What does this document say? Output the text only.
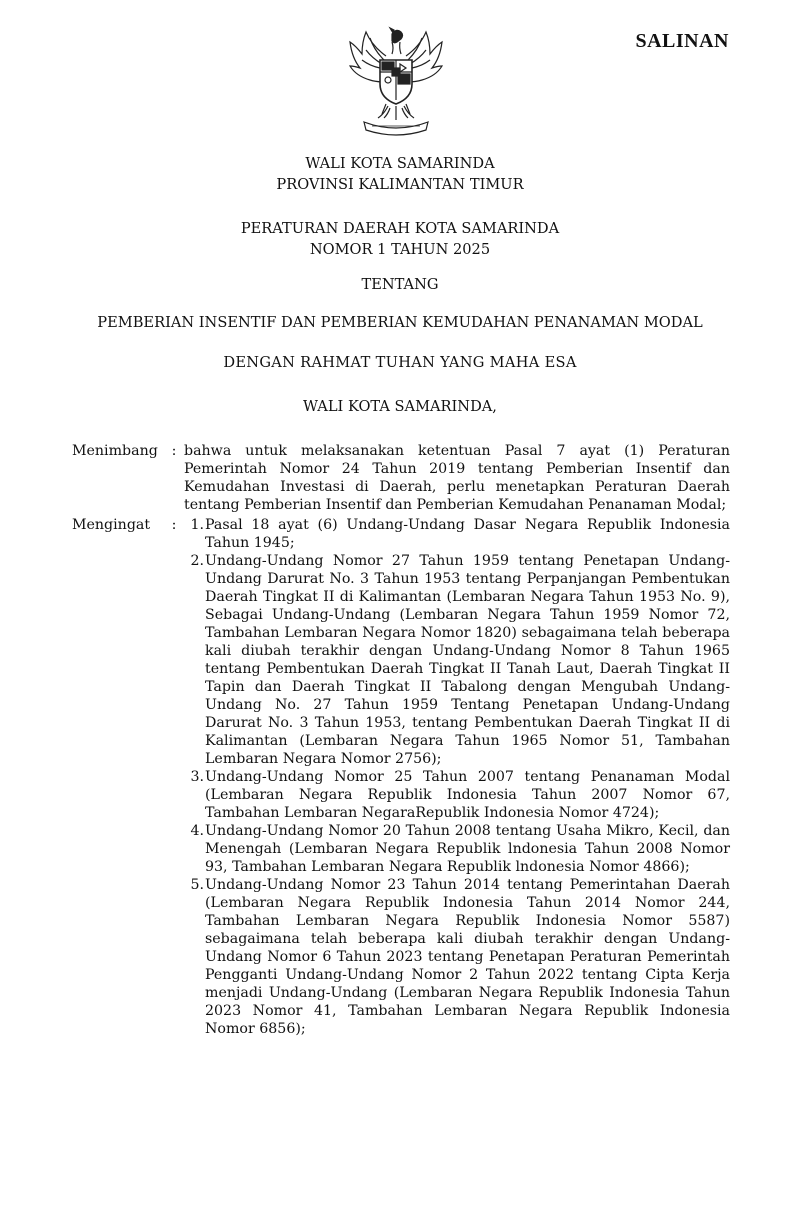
SALINAN
WALI KOTA SAMARINDA
PROVINSI KALIMANTAN TIMUR
PERATURAN DAERAH KOTA SAMARINDA
NOMOR 1 TAHUN 2025
TENTANG
PEMBERIAN INSENTIF DAN PEMBERIAN KEMUDAHAN PENANAMAN MODAL
DENGAN RAHMAT TUHAN YANG MAHA ESA
WALI KOTA SAMARINDA,
Menimbang : bahwa untuk melaksanakan ketentuan Pasal 7 ayat (1) Peraturan Pemerintah Nomor 24 Tahun 2019 tentang Pemberian Insentif dan Kemudahan Investasi di Daerah, perlu menetapkan Peraturan Daerah tentang Pemberian Insentif dan Pemberian Kemudahan Penanaman Modal;
Mengingat	: 1. Pasal 18 ayat (6) Undang-Undang Dasar Negara Republik Indonesia Tahun 1945;
2. Undang-Undang Nomor 27 Tahun 1959 tentang Penetapan Undang-Undang Darurat No. 3 Tahun 1953 tentang Perpanjangan Pembentukan Daerah Tingkat II di Kalimantan (Lembaran Negara Tahun 1953 No. 9), Sebagai Undang-Undang (Lembaran Negara Tahun 1959 Nomor 72, Tambahan Lembaran Negara Nomor 1820) sebagaimana telah beberapa kali diubah terakhir dengan Undang-Undang Nomor 8 Tahun 1965 tentang Pembentukan Daerah Tingkat II Tanah Laut, Daerah Tingkat II Tapin dan Daerah Tingkat II Tabalong dengan Mengubah Undang-Undang No. 27 Tahun 1959 Tentang Penetapan Undang-Undang Darurat No. 3 Tahun 1953, tentang Pembentukan Daerah Tingkat II di Kalimantan (Lembaran Negara Tahun 1965 Nomor 51, Tambahan Lembaran Negara Nomor 2756);
3. Undang-Undang Nomor 25 Tahun 2007 tentang Penanaman Modal (Lembaran Negara Republik Indonesia Tahun 2007 Nomor 67, Tambahan Lembaran NegaraRepublik Indonesia Nomor 4724);
4. Undang-Undang Nomor 20 Tahun 2008 tentang Usaha Mikro, Kecil, dan Menengah (Lembaran Negara Republik lndonesia Tahun 2008 Nomor 93, Tambahan Lembaran Negara Republik lndonesia Nomor 4866);
5. Undang-Undang Nomor 23 Tahun 2014 tentang Pemerintahan Daerah (Lembaran Negara Republik Indonesia Tahun 2014 Nomor 244, Tambahan Lembaran Negara Republik Indonesia Nomor 5587) sebagaimana telah beberapa kali diubah terakhir dengan Undang-Undang Nomor 6 Tahun 2023 tentang Penetapan Peraturan Pemerintah Pengganti Undang-Undang Nomor 2 Tahun 2022 tentang Cipta Kerja menjadi Undang-Undang (Lembaran Negara Republik Indonesia Tahun 2023 Nomor 41, Tambahan Lembaran Negara Republik Indonesia Nomor 6856);
